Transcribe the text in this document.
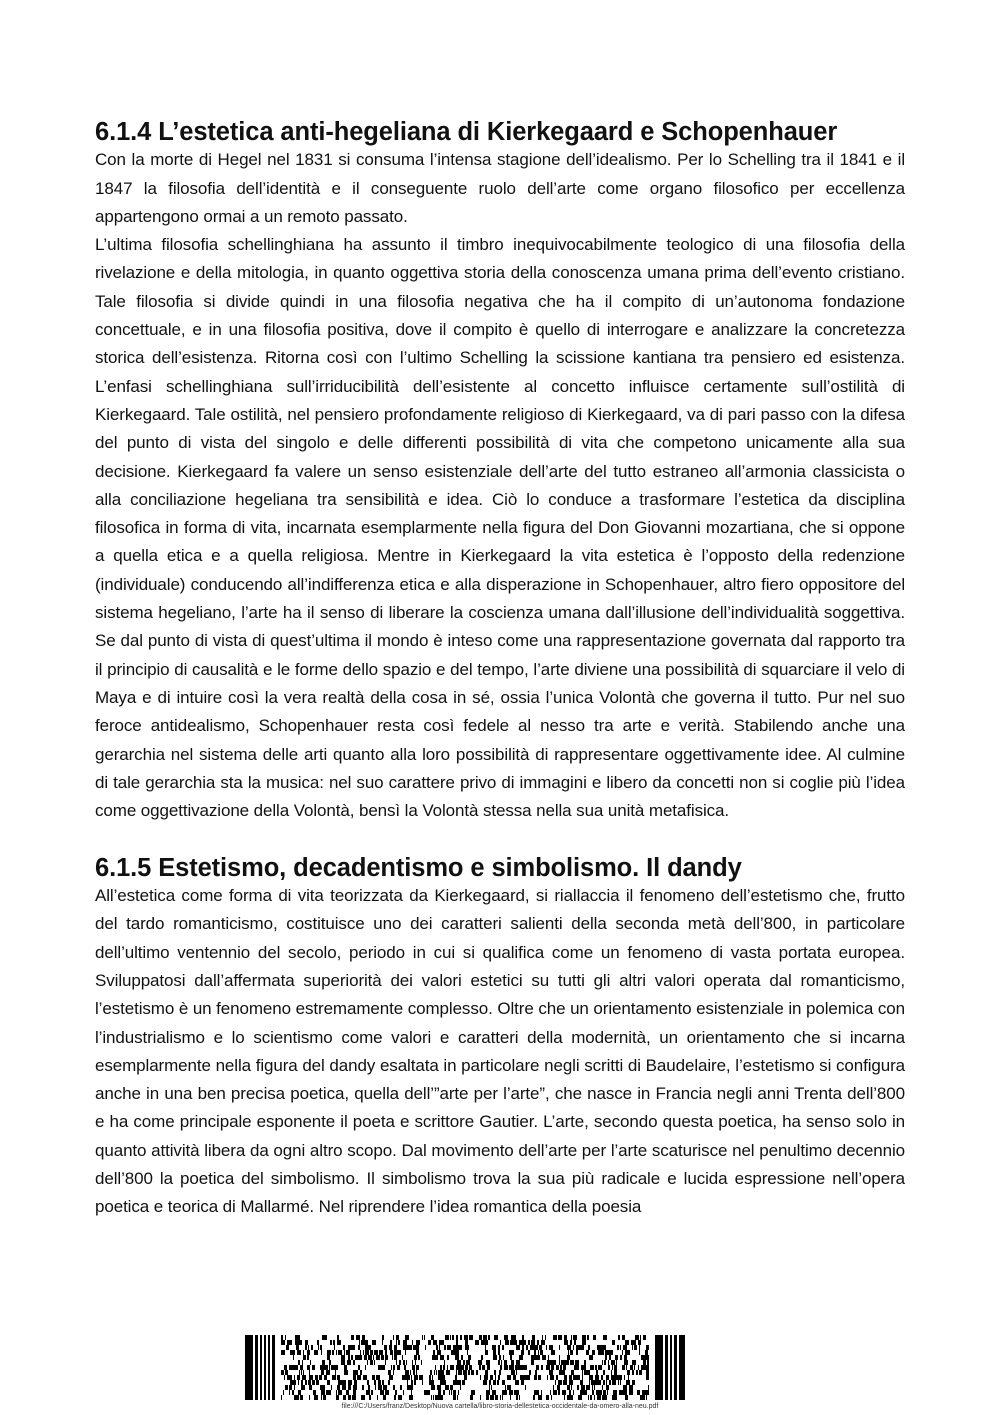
6.1.4 L’estetica anti-hegeliana di Kierkegaard e Schopenhauer

Con la morte di Hegel nel 1831 si consuma l’intensa stagione dell’idealismo. Per lo Schelling tra il 1841 e il 1847 la filosofia dell’identità e il conseguente ruolo dell’arte come organo filosofico per eccellenza appartengono ormai a un remoto passato.

L’ultima filosofia schellinghiana ha assunto il timbro inequivocabilmente teologico di una filosofia della rivelazione e della mitologia, in quanto oggettiva storia della conoscenza umana prima dell’evento cristiano. Tale filosofia si divide quindi in una filosofia negativa che ha il compito di un’autonoma fondazione concettuale, e in una filosofia positiva, dove il compito è quello di interrogare e analizzare la concretezza storica dell’esistenza. Ritorna così con l’ultimo Schelling la scissione kantiana tra pensiero ed esistenza. L’enfasi schellinghiana sull’irriducibilità dell’esistente al concetto influisce certamente sull’ostilità di Kierkegaard. Tale ostilità, nel pensiero profondamente religioso di Kierkegaard, va di pari passo con la difesa del punto di vista del singolo e delle differenti possibilità di vita che competono unicamente alla sua decisione. Kierkegaard fa valere un senso esistenziale dell’arte del tutto estraneo all’armonia classicista o alla conciliazione hegeliana tra sensibilità e idea. Ciò lo conduce a trasformare l’estetica da disciplina filosofica in forma di vita, incarnata esemplarmente nella figura del Don Giovanni mozartiana, che si oppone a quella etica e a quella religiosa. Mentre in Kierkegaard la vita estetica è l’opposto della redenzione (individuale) conducendo all’indifferenza etica e alla disperazione in Schopenhauer, altro fiero oppositore del sistema hegeliano, l’arte ha il senso di liberare la coscienza umana dall’illusione dell’individualità soggettiva. Se dal punto di vista di quest’ultima il mondo è inteso come una rappresentazione governata dal rapporto tra il principio di causalità e le forme dello spazio e del tempo, l’arte diviene una possibilità di squarciare il velo di Maya e di intuire così la vera realtà della cosa in sé, ossia l’unica Volontà che governa il tutto. Pur nel suo feroce antidealismo, Schopenhauer resta così fedele al nesso tra arte e verità. Stabilendo anche una gerarchia nel sistema delle arti quanto alla loro possibilità di rappresentare oggettivamente idee. Al culmine di tale gerarchia sta la musica: nel suo carattere privo di immagini e libero da concetti non si coglie più l’idea come oggettivazione della Volontà, bensì la Volontà stessa nella sua unità metafisica.

6.1.5 Estetismo, decadentismo e simbolismo. Il dandy

All’estetica come forma di vita teorizzata da Kierkegaard, si riallaccia il fenomeno dell’estetismo che, frutto del tardo romanticismo, costituisce uno dei caratteri salienti della seconda metà dell’800, in particolare dell’ultimo ventennio del secolo, periodo in cui si qualifica come un fenomeno di vasta portata europea. Sviluppatosi dall’affermata superiorità dei valori estetici su tutti gli altri valori operata dal romanticismo, l’estetismo è un fenomeno estremamente complesso. Oltre che un orientamento esistenziale in polemica con l’industrialismo e lo scientismo come valori e caratteri della modernità, un orientamento che si incarna esemplarmente nella figura del dandy esaltata in particolare negli scritti di Baudelaire, l’estetismo si configura anche in una ben precisa poetica, quella dell’”arte per l’arte”, che nasce in Francia negli anni Trenta dell’800 e ha come principale esponente il poeta e scrittore Gautier. L’arte, secondo questa poetica, ha senso solo in quanto attività libera da ogni altro scopo. Dal movimento dell’arte per l’arte scaturisce nel penultimo decennio dell’800 la poetica del simbolismo. Il simbolismo trova la sua più radicale e lucida espressione nell’opera poetica e teorica di Mallarmé. Nel riprendere l’idea romantica della poesia

file:///C:/Users/franz/Desktop/Nuova cartella/libro-storia-dellestetica-occidentale-da-omero-alla-neu.pdf
